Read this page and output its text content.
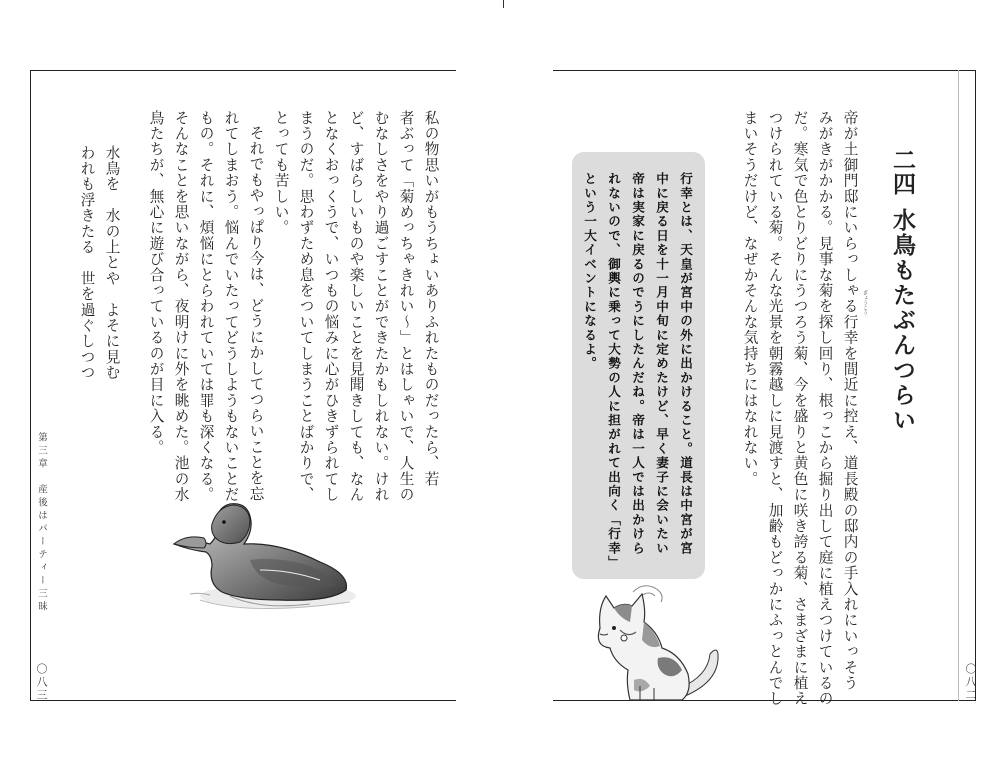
第三章　産後はパーティー三昧
〇八三
私の物思いがもうちょいありふれたものだったら、若
者ぶって「菊めっちゃきれい〜」とはしゃいで、人生の
むなしさをやり過ごすことができたかもしれない。けれ
ど、すばらしいものや楽しいことを見聞きしても、なん
となくおっくうで、いつもの悩みに心がひきずられてし
まうのだ。思わずため息をついてしまうことばかりで、
とっても苦しい。
それでもやっぱり今は、どうにかしてつらいことを忘
れてしまおう。悩んでいたってどうしようもないことだ
もの。それに、煩悩にとらわれていては罪も深くなる。
そんなことを思いながら、夜明けに外を眺めた。池の水
鳥たちが、無心に遊び合っているのが目に入る。
水鳥を　水の上とや　よそに見む
われも浮きたる　世を過ぐしつつ	二四
水鳥もたぶんつらい
ぎょうこう
帝が土御門邸にいらっしゃる行幸を間近に控え、道長殿の邸内の手入れにいっそう
みがきがかかる。見事な菊を探し回り、根っこから掘り出して庭に植えつけているの
だ。寒気で色とりどりにうつろう菊、今を盛りと黄色に咲き誇る菊、さまざまに植え
つけられている菊。そんな光景を朝霧越しに見渡すと、加齢もどっかにふっとんでし
まいそうだけど、なぜかそんな気持ちにはなれない。
行幸とは、天皇が宮中の外に出かけること。道長は中宮が宮
中に戻る日を十一月中旬に定めたけど、早く妻子に会いたい
帝は実家に戻るのでうにしたんだね。帝は一人では出かけら
れないので、御輿に乗って大勢の人に担がれて出向く「行幸」
という一大イベントになるよ。
〇八二
